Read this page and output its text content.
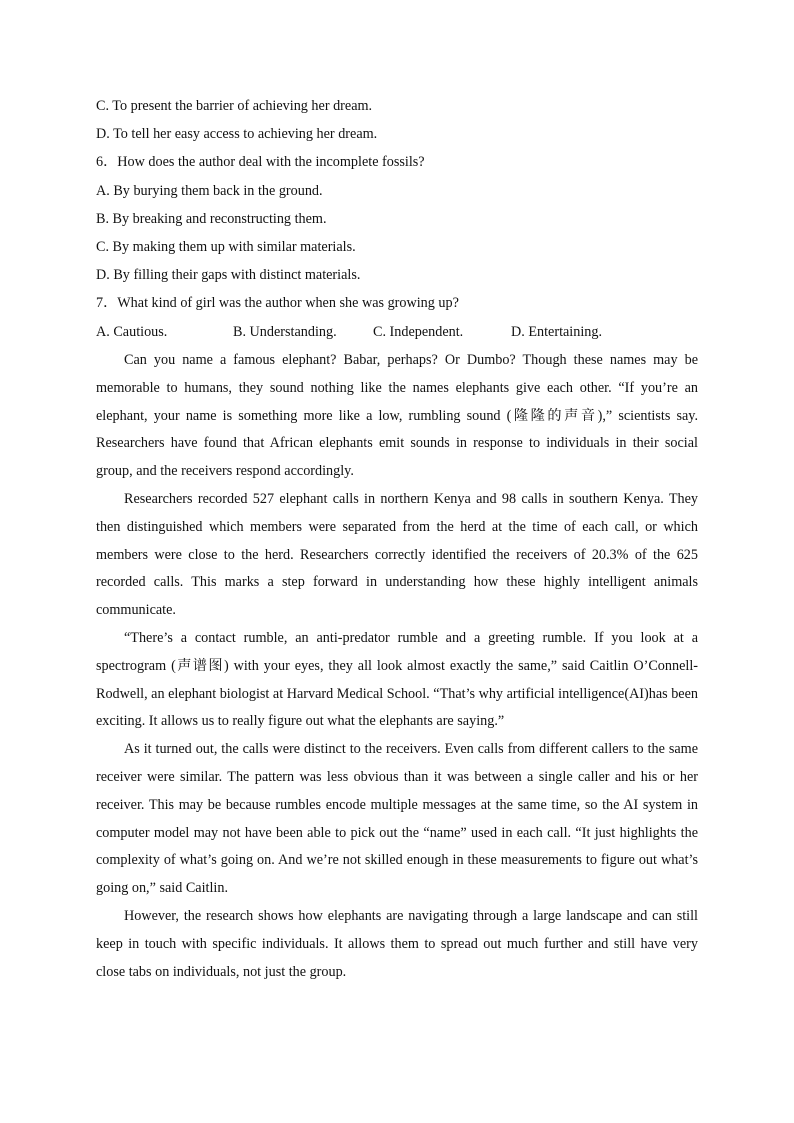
C. To present the barrier of achieving her dream.

D. To tell her easy access to achieving her dream.

6．How does the author deal with the incomplete fossils?

A. By burying them back in the ground.

B. By breaking and reconstructing them.

C. By making them up with similar materials.

D. By filling their gaps with distinct materials.

7．What kind of girl was the author when she was growing up?

A. Cautious.	B. Understanding.	C. Independent.	D. Entertaining.

Can you name a famous elephant? Babar, perhaps? Or Dumbo? Though these names may be memorable to humans, they sound nothing like the names elephants give each other. “If you’re an elephant, your name is something more like a low, rumbling sound (隆隆的声音),” scientists say. Researchers have found that African elephants emit sounds in response to individuals in their social group, and the receivers respond accordingly.

Researchers recorded 527 elephant calls in northern Kenya and 98 calls in southern Kenya. They then distinguished which members were separated from the herd at the time of each call, or which members were close to the herd. Researchers correctly identified the receivers of 20.3% of the 625 recorded calls. This marks a step forward in understanding how these highly intelligent animals communicate.

“There’s a contact rumble, an anti-predator rumble and a greeting rumble. If you look at a spectrogram (声谱图) with your eyes, they all look almost exactly the same,” said Caitlin O’Connell-Rodwell, an elephant biologist at Harvard Medical School. “That’s why artificial intelligence(AI)has been exciting. It allows us to really figure out what the elephants are saying.”

As it turned out, the calls were distinct to the receivers. Even calls from different callers to the same receiver were similar. The pattern was less obvious than it was between a single caller and his or her receiver. This may be because rumbles encode multiple messages at the same time, so the AI system in computer model may not have been able to pick out the “name” used in each call. “It just highlights the complexity of what’s going on. And we’re not skilled enough in these measurements to figure out what’s going on,” said Caitlin.

However, the research shows how elephants are navigating through a large landscape and can still keep in touch with specific individuals. It allows them to spread out much further and still have very close tabs on individuals, not just the group.
